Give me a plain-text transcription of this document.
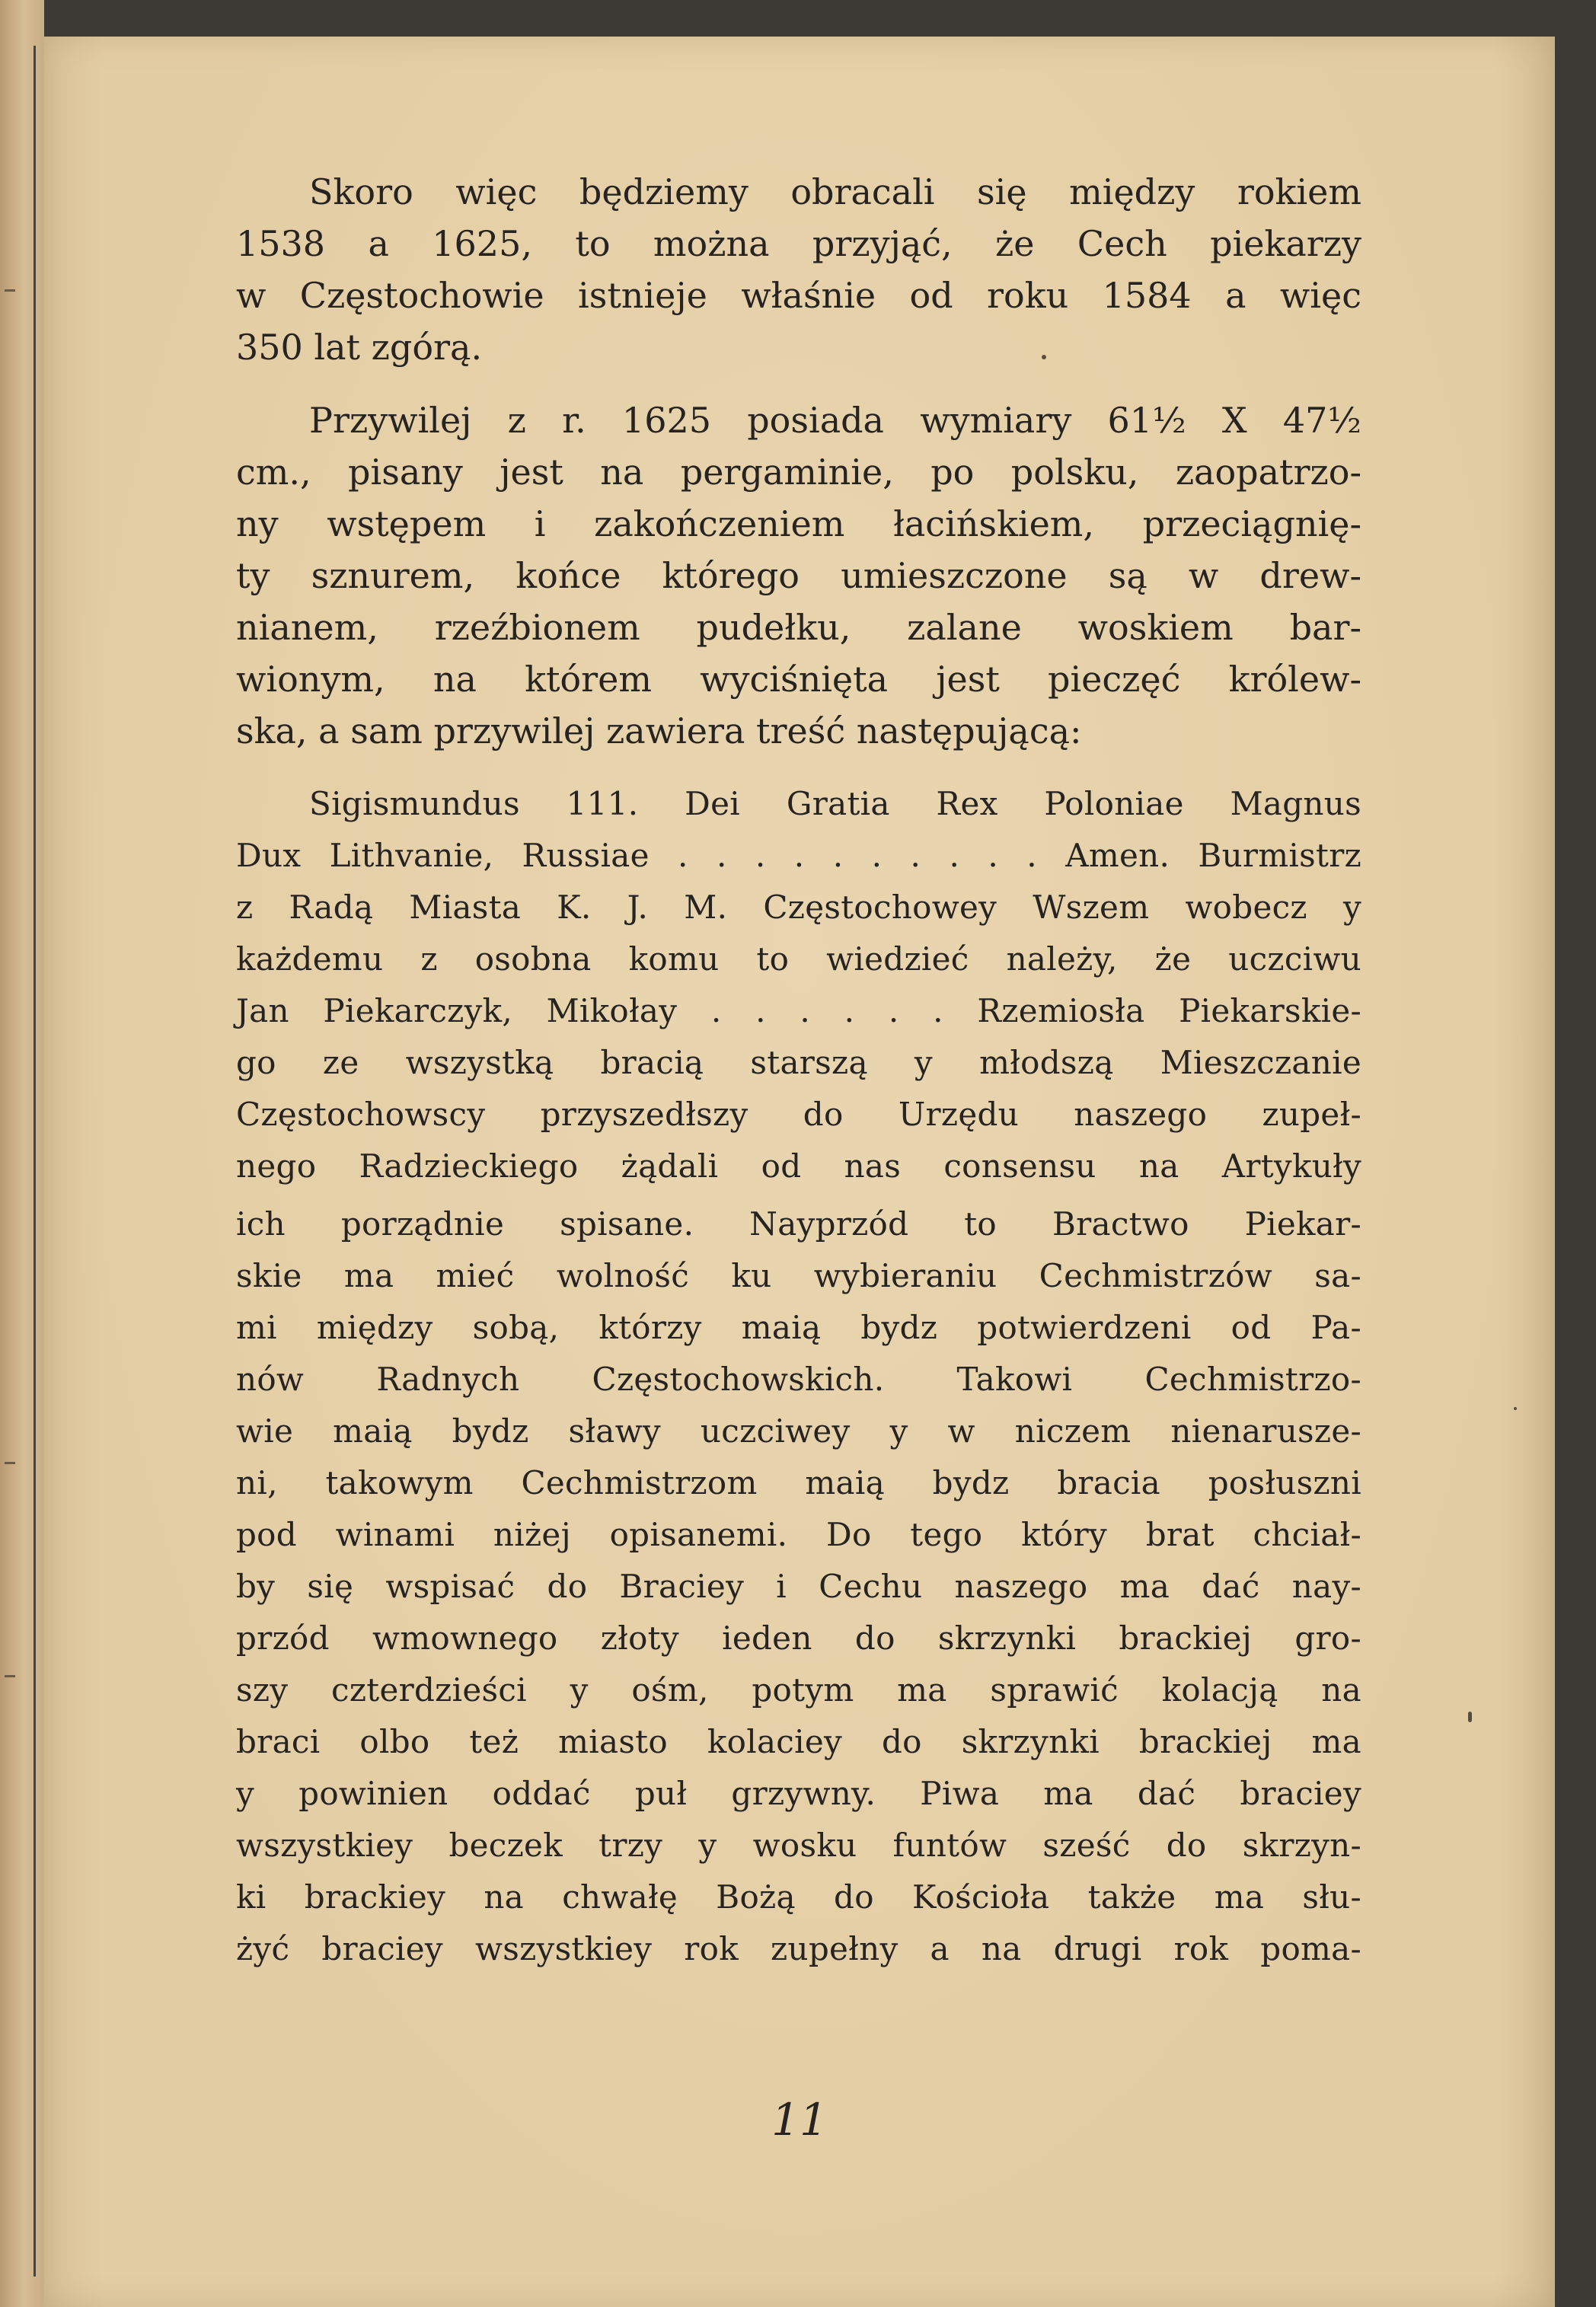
Skoro więc będziemy obracali się między rokiem
1538 a 1625, to można przyjąć, że Cech piekarzy
w Częstochowie istnieje właśnie od roku 1584 a więc
350 lat zgórą.

Przywilej z r. 1625 posiada wymiary 61½ X 47½
cm., pisany jest na pergaminie, po polsku, zaopatrzo-
ny wstępem i zakończeniem łacińskiem, przeciągnię-
ty sznurem, końce którego umieszczone są w drew-
nianem, rzeźbionem pudełku, zalane woskiem bar-
wionym, na którem wyciśnięta jest pieczęć królew-
ska, a sam przywilej zawiera treść następującą:

Sigismundus 111. Dei Gratia Rex Poloniae Magnus
Dux Lithvanie, Russiae . . . . . . . . . . Amen. Burmistrz
z Radą Miasta K. J. M. Częstochowey Wszem wobecz y
każdemu z osobna komu to wiedzieć należy, że uczciwu
Jan Piekarczyk, Mikołay . . . . . . Rzemiosła Piekarskie-
go ze wszystką bracią starszą y młodszą Mieszczanie
Częstochowscy przyszedłszy do Urzędu naszego zupeł-
nego Radzieckiego żądali od nas consensu na Artykuły
ich porządnie spisane. Nayprzód to Bractwo Piekar-
skie ma mieć wolność ku wybieraniu Cechmistrzów sa-
mi między sobą, którzy maią bydz potwierdzeni od Pa-
nów Radnych Częstochowskich. Takowi Cechmistrzo-
wie maią bydz sławy uczciwey y w niczem nienarusze-
ni, takowym Cechmistrzom maią bydz bracia posłuszni
pod winami niżej opisanemi. Do tego który brat chciał-
by się wspisać do Braciey i Cechu naszego ma dać nay-
przód wmownego złoty ieden do skrzynki brackiej gro-
szy czterdzieści y ośm, potym ma sprawić kolacją na
braci olbo też miasto kolaciey do skrzynki brackiej ma
y powinien oddać puł grzywny. Piwa ma dać braciey
wszystkiey beczek trzy y wosku funtów sześć do skrzyn-
ki brackiey na chwałę Bożą do Kościoła także ma słu-
żyć braciey wszystkiey rok zupełny a na drugi rok poma-

11
